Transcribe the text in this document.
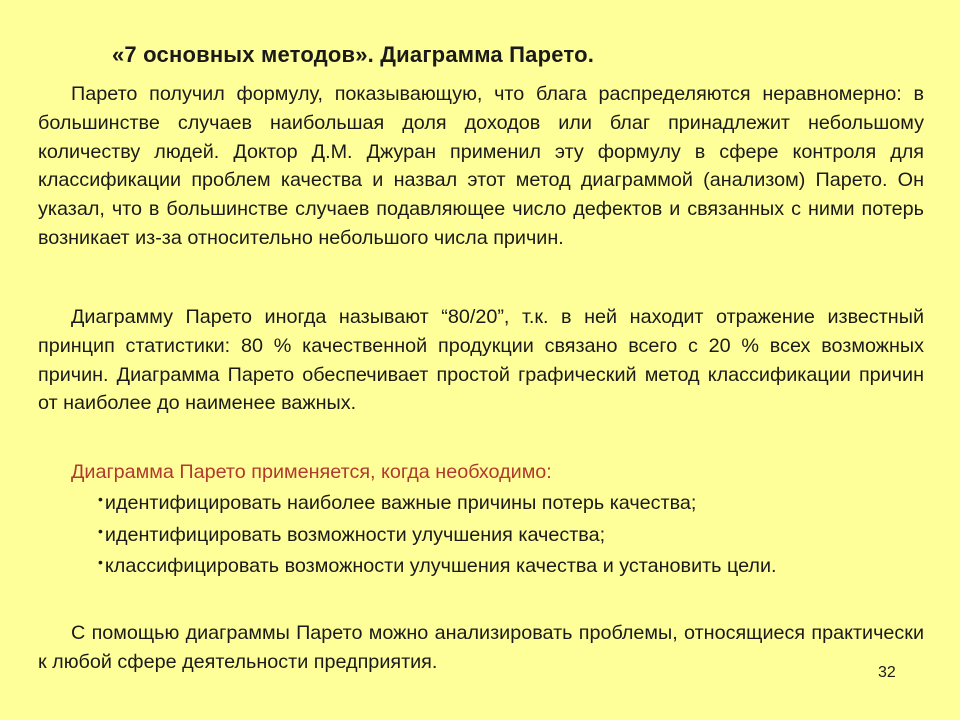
«7 основных методов». Диаграмма Парето.

Парето получил формулу, показывающую, что блага распределяются неравномерно: в большинстве случаев наибольшая доля доходов или благ принадлежит небольшому количеству людей. Доктор Д.М. Джуран применил эту формулу в сфере контроля для классификации проблем качества и назвал этот метод диаграммой (анализом) Парето. Он указал, что в большинстве случаев подавляющее число дефектов и связанных с ними потерь возникает из-за относительно небольшого числа причин.

Диаграмму Парето иногда называют “80/20”, т.к. в ней находит отражение известный принцип статистики: 80 % качественной продукции связано всего с 20 % всех возможных причин. Диаграмма Парето обеспечивает простой графический метод классификации причин от наиболее до наименее важных.

Диаграмма Парето применяется, когда необходимо:
• идентифицировать наиболее важные причины потерь качества;
• идентифицировать возможности улучшения качества;
• классифицировать возможности улучшения качества и установить цели.

С помощью диаграммы Парето можно анализировать проблемы, относящиеся практически к любой сфере деятельности предприятия.	32
